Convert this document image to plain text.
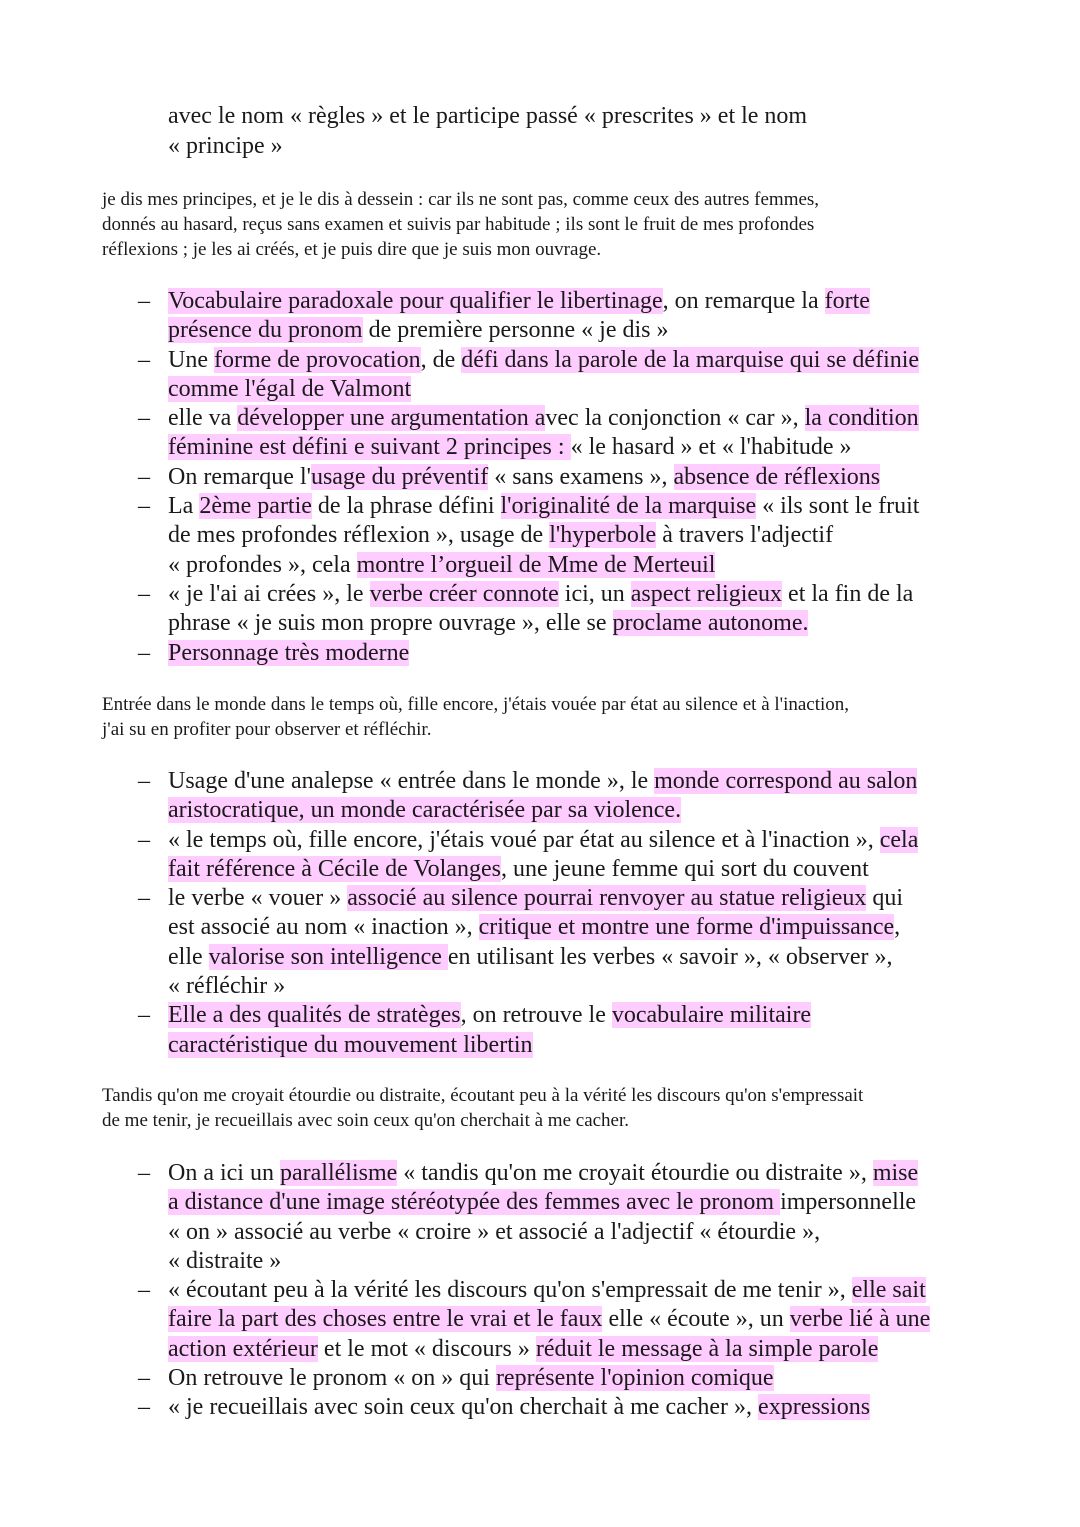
avec le nom « règles » et le participe passé « prescrites » et le nom
« principe »

je dis mes principes, et je le dis à dessein : car ils ne sont pas, comme ceux des autres femmes,
donnés au hasard, reçus sans examen et suivis par habitude ; ils sont le fruit de mes profondes
réflexions ; je les ai créés, et je puis dire que je suis mon ouvrage.

– Vocabulaire paradoxale pour qualifier le libertinage, on remarque la forte
présence du pronom de première personne « je dis »
– Une forme de provocation, de défi dans la parole de la marquise qui se définie
comme l'égal de Valmont
– elle va développer une argumentation avec la conjonction « car », la condition
féminine est défini e suivant 2 principes : « le hasard » et « l'habitude »
– On remarque l'usage du préventif « sans examens », absence de réflexions
– La 2ème partie de la phrase défini l'originalité de la marquise « ils sont le fruit
de mes profondes réflexion », usage de l'hyperbole à travers l'adjectif
« profondes », cela montre l’orgueil de Mme de Merteuil
– « je l'ai ai crées », le verbe créer connote ici, un aspect religieux et la fin de la
phrase « je suis mon propre ouvrage », elle se proclame autonome.
– Personnage très moderne

Entrée dans le monde dans le temps où, fille encore, j'étais vouée par état au silence et à l'inaction,
j'ai su en profiter pour observer et réfléchir.

– Usage d'une analepse « entrée dans le monde », le monde correspond au salon
aristocratique, un monde caractérisée par sa violence.
– « le temps où, fille encore, j'étais voué par état au silence et à l'inaction », cela
fait référence à Cécile de Volanges, une jeune femme qui sort du couvent
– le verbe « vouer » associé au silence pourrai renvoyer au statue religieux qui
est associé au nom « inaction », critique et montre une forme d'impuissance,
elle valorise son intelligence en utilisant les verbes « savoir », « observer »,
« réfléchir »
– Elle a des qualités de stratèges, on retrouve le vocabulaire militaire
caractéristique du mouvement libertin

Tandis qu'on me croyait étourdie ou distraite, écoutant peu à la vérité les discours qu'on s'empressait
de me tenir, je recueillais avec soin ceux qu'on cherchait à me cacher.

– On a ici un parallélisme « tandis qu'on me croyait étourdie ou distraite », mise
a distance d'une image stéréotypée des femmes avec le pronom impersonnelle
« on » associé au verbe « croire » et associé a l'adjectif « étourdie »,
« distraite »
– « écoutant peu à la vérité les discours qu'on s'empressait de me tenir », elle sait
faire la part des choses entre le vrai et le faux elle « écoute », un verbe lié à une
action extérieur et le mot « discours » réduit le message à la simple parole
– On retrouve le pronom « on » qui représente l'opinion comique
– « je recueillais avec soin ceux qu'on cherchait à me cacher », expressions
